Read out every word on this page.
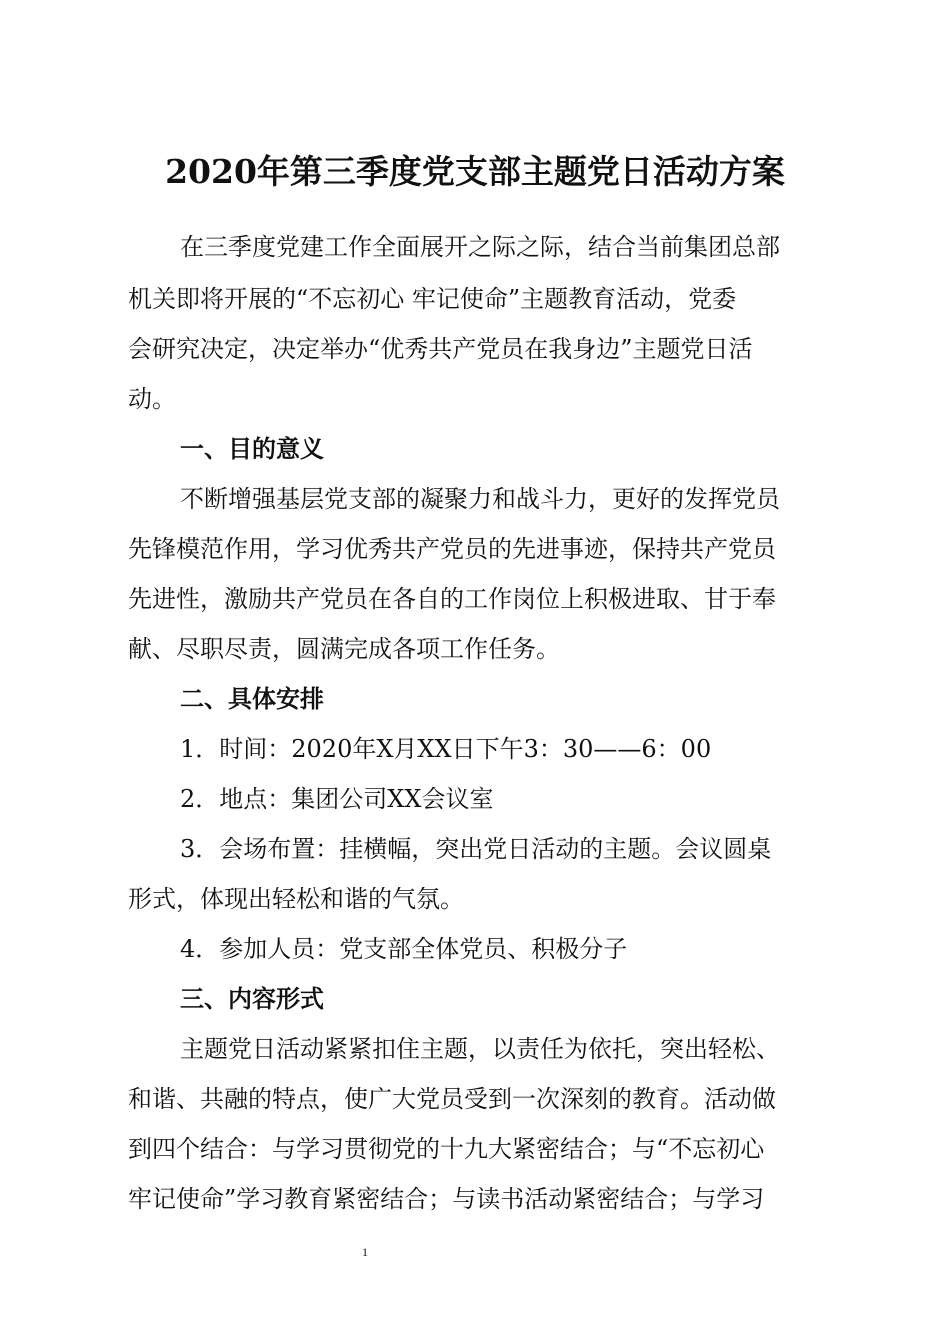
2020年第三季度党支部主题党日活动方案
在三季度党建工作全面展开之际之际，结合当前集团总部
机关即将开展的“不忘初心 牢记使命”主题教育活动，党委
会研究决定，决定举办“优秀共产党员在我身边”主题党日活
动。
一、目的意义
不断增强基层党支部的凝聚力和战斗力，更好的发挥党员
先锋模范作用，学习优秀共产党员的先进事迹，保持共产党员
先进性，激励共产党员在各自的工作岗位上积极进取、甘于奉
献、尽职尽责，圆满完成各项工作任务。
二、具体安排
1．时间：2020年X月XX日下午3：30——6：00
2．地点：集团公司XX会议室
3．会场布置：挂横幅，突出党日活动的主题。会议圆桌
形式，体现出轻松和谐的气氛。
4．参加人员：党支部全体党员、积极分子
三、内容形式
主题党日活动紧紧扣住主题，以责任为依托，突出轻松、
和谐、共融的特点，使广大党员受到一次深刻的教育。活动做
到四个结合：与学习贯彻党的十九大紧密结合；与“不忘初心
牢记使命”学习教育紧密结合；与读书活动紧密结合；与学习
1
